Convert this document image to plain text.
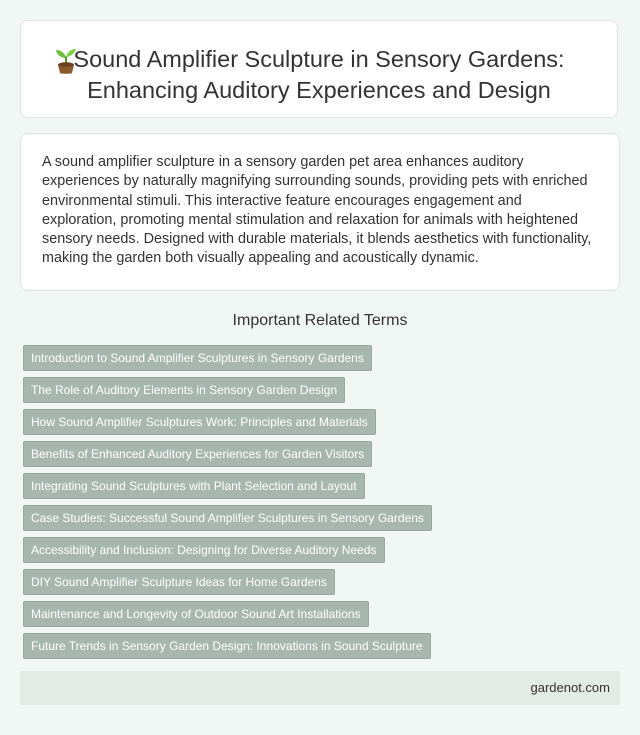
Sound Amplifier Sculpture in Sensory Gardens: Enhancing Auditory Experiences and Design

A sound amplifier sculpture in a sensory garden pet area enhances auditory experiences by naturally magnifying surrounding sounds, providing pets with enriched environmental stimuli. This interactive feature encourages engagement and exploration, promoting mental stimulation and relaxation for animals with heightened sensory needs. Designed with durable materials, it blends aesthetics with functionality, making the garden both visually appealing and acoustically dynamic.

Important Related Terms
Introduction to Sound Amplifier Sculptures in Sensory Gardens
The Role of Auditory Elements in Sensory Garden Design
How Sound Amplifier Sculptures Work: Principles and Materials
Benefits of Enhanced Auditory Experiences for Garden Visitors
Integrating Sound Sculptures with Plant Selection and Layout
Case Studies: Successful Sound Amplifier Sculptures in Sensory Gardens
Accessibility and Inclusion: Designing for Diverse Auditory Needs
DIY Sound Amplifier Sculpture Ideas for Home Gardens
Maintenance and Longevity of Outdoor Sound Art Installations
Future Trends in Sensory Garden Design: Innovations in Sound Sculpture
gardenot.com
